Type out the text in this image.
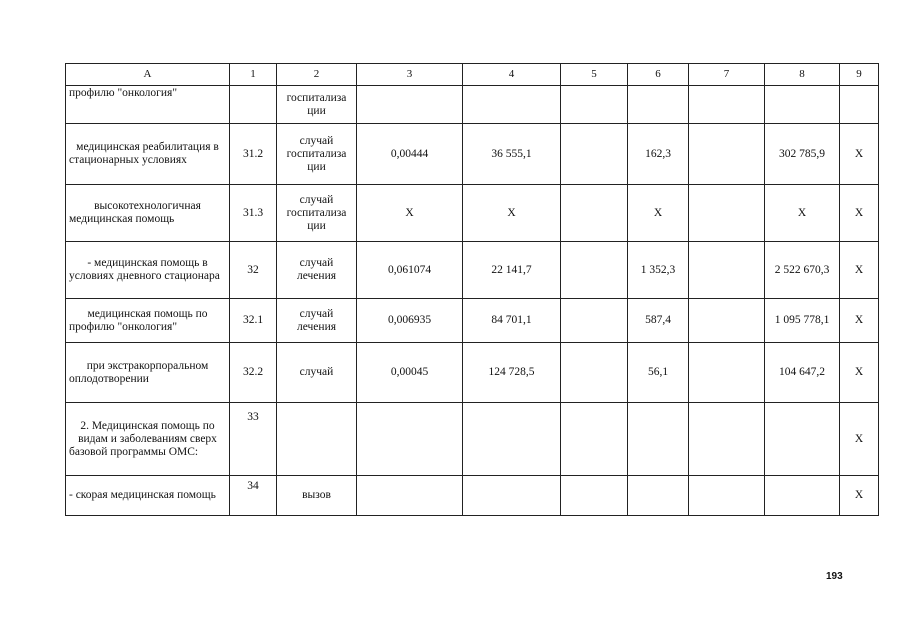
А	1	2	3	4	5	6	7	8	9
профилю "онкология"		госпитализа ции							
медицинская реабилитация в стационарных условиях	31.2	случай госпитализа ции	0,00444	36 555,1		162,3		302 785,9	Х
высокотехнологичная медицинская помощь	31.3	случай госпитализа ции	Х	Х		Х		Х	Х
- медицинская помощь в условиях дневного стационара	32	случай лечения	0,061074	22 141,7		1 352,3		2 522 670,3	Х
медицинская помощь по профилю "онкология"	32.1	случай лечения	0,006935	84 701,1		587,4		1 095 778,1	Х
при экстракорпоральном оплодотворении	32.2	случай	0,00045	124 728,5		56,1		104 647,2	Х
2. Медицинская помощь по видам и заболеваниям сверх базовой программы ОМС:	33								Х
- скорая медицинская помощь	34	вызов							Х
193
